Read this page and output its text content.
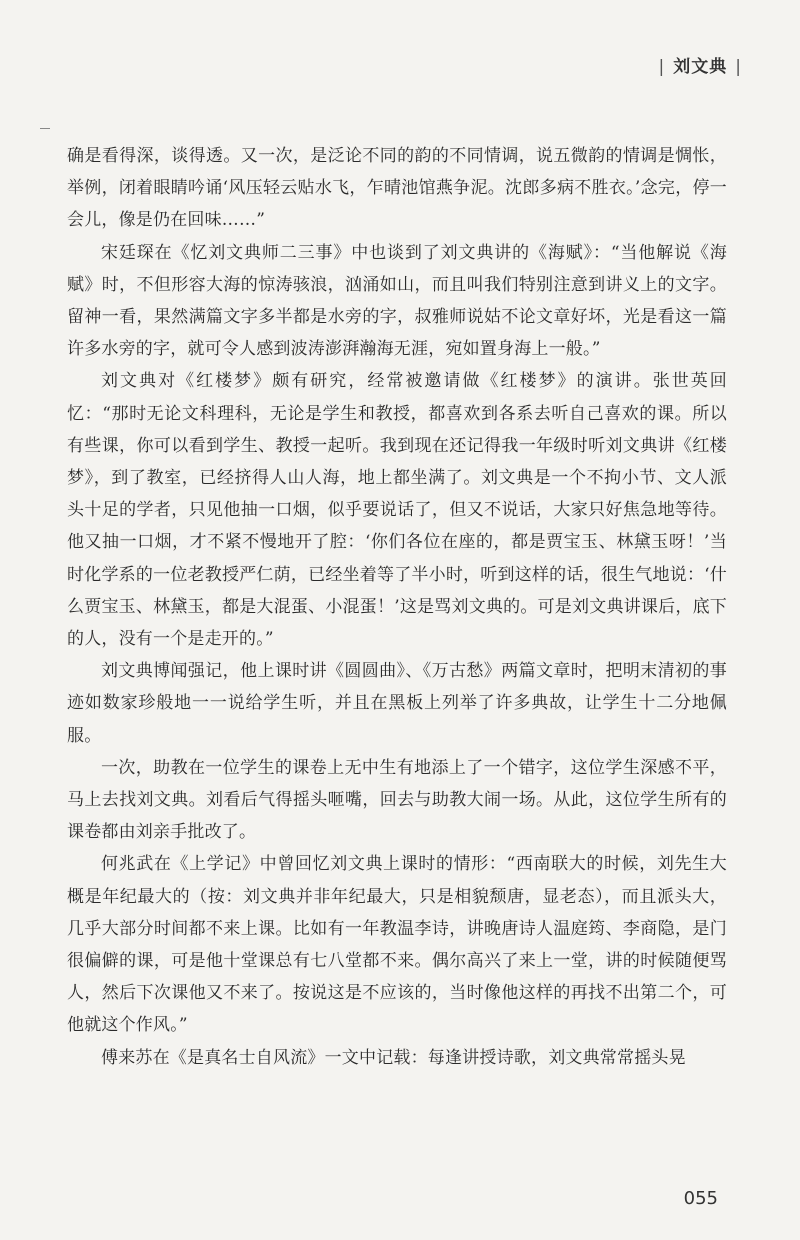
| 刘文典 |

确是看得深，谈得透。又一次，是泛论不同的韵的不同情调，说五微韵的情调是惆怅，举例，闭着眼睛吟诵‘风压轻云贴水飞，乍晴池馆燕争泥。沈郎多病不胜衣。’念完，停一会儿，像是仍在回味……”

宋廷琛在《忆刘文典师二三事》中也谈到了刘文典讲的《海赋》：“当他解说《海赋》时，不但形容大海的惊涛骇浪，汹涌如山，而且叫我们特别注意到讲义上的文字。留神一看，果然满篇文字多半都是水旁的字，叔雅师说姑不论文章好坏，光是看这一篇许多水旁的字，就可令人感到波涛澎湃瀚海无涯，宛如置身海上一般。”

刘文典对《红楼梦》颇有研究，经常被邀请做《红楼梦》的演讲。张世英回忆：“那时无论文科理科，无论是学生和教授，都喜欢到各系去听自己喜欢的课。所以有些课，你可以看到学生、教授一起听。我到现在还记得我一年级时听刘文典讲《红楼梦》，到了教室，已经挤得人山人海，地上都坐满了。刘文典是一个不拘小节、文人派头十足的学者，只见他抽一口烟，似乎要说话了，但又不说话，大家只好焦急地等待。他又抽一口烟，才不紧不慢地开了腔：‘你们各位在座的，都是贾宝玉、林黛玉呀！’当时化学系的一位老教授严仁荫，已经坐着等了半小时，听到这样的话，很生气地说：‘什么贾宝玉、林黛玉，都是大混蛋、小混蛋！’这是骂刘文典的。可是刘文典讲课后，底下的人，没有一个是走开的。”

刘文典博闻强记，他上课时讲《圆圆曲》、《万古愁》两篇文章时，把明末清初的事迹如数家珍般地一一说给学生听，并且在黑板上列举了许多典故，让学生十二分地佩服。

一次，助教在一位学生的课卷上无中生有地添上了一个错字，这位学生深感不平，马上去找刘文典。刘看后气得摇头咂嘴，回去与助教大闹一场。从此，这位学生所有的课卷都由刘亲手批改了。

何兆武在《上学记》中曾回忆刘文典上课时的情形：“西南联大的时候，刘先生大概是年纪最大的（按：刘文典并非年纪最大，只是相貌颓唐，显老态），而且派头大，几乎大部分时间都不来上课。比如有一年教温李诗，讲晚唐诗人温庭筠、李商隐，是门很偏僻的课，可是他十堂课总有七八堂都不来。偶尔高兴了来上一堂，讲的时候随便骂人，然后下次课他又不来了。按说这是不应该的，当时像他这样的再找不出第二个，可他就这个作风。”

傅来苏在《是真名士自风流》一文中记载：每逢讲授诗歌，刘文典常常摇头晃

055
